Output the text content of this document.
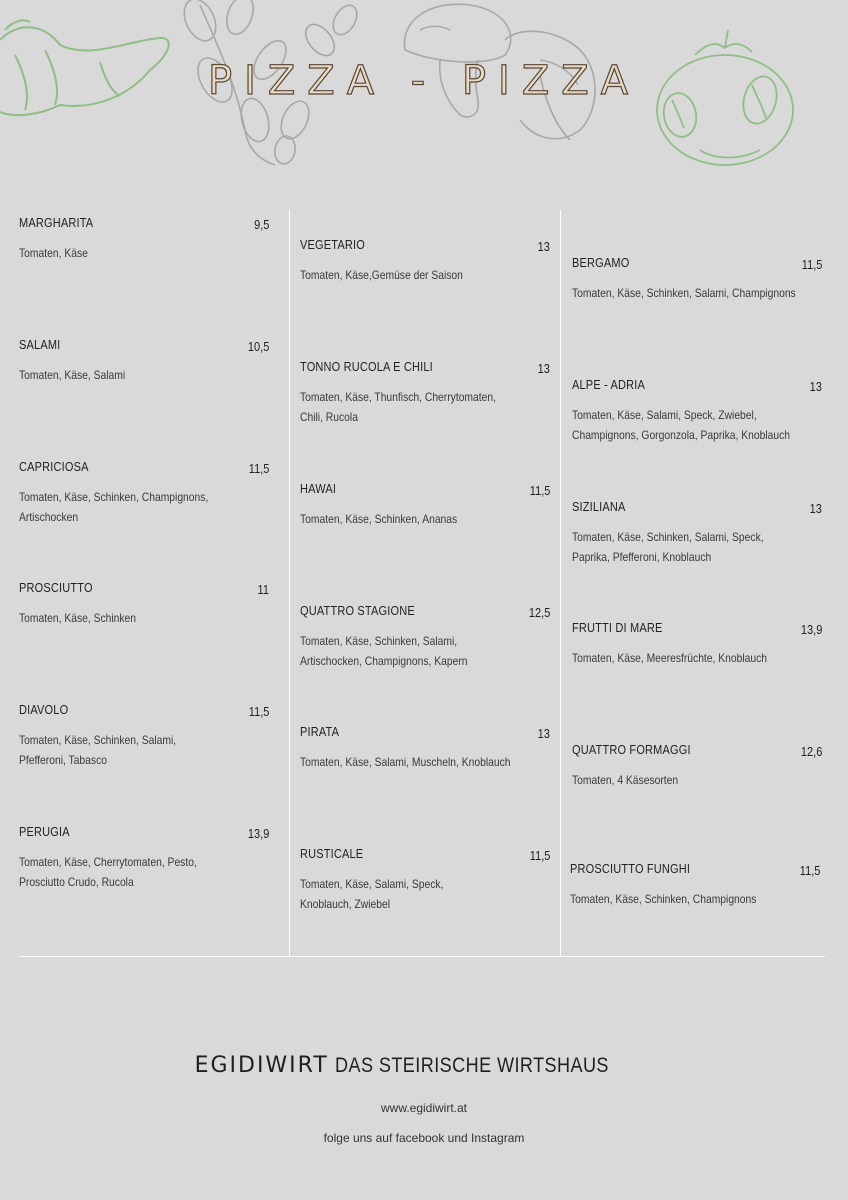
PIZZA - PIZZA
MARGHARITA	9,5
Tomaten, Käse

SALAMI	10,5
Tomaten, Käse, Salami

CAPRICIOSA	11,5
Tomaten, Käse, Schinken, Champignons,
Artischocken
PROSCIUTTO	11
Tomaten, Käse, Schinken

DIAVOLO	11,5
Tomaten, Käse, Schinken, Salami,
Pfefferoni, Tabasco
PERUGIA	13,9
Tomaten, Käse, Cherrytomaten, Pesto,
Prosciutto Crudo, Rucola
VEGETARIO	13
Tomaten, Käse,Gemüse der Saison

TONNO RUCOLA E CHILI	13
Tomaten, Käse, Thunfisch, Cherrytomaten,
Chili, Rucola
HAWAI	11,5
Tomaten, Käse, Schinken, Ananas

QUATTRO STAGIONE	12,5
Tomaten, Käse, Schinken, Salami,
Artischocken, Champignons, Kapern
PIRATA	13
Tomaten, Käse, Salami, Muscheln, Knoblauch

RUSTICALE	11,5
Tomaten, Käse, Salami, Speck,
Knoblauch, Zwiebel
BERGAMO	11,5
Tomaten, Käse, Schinken, Salami, Champignons

ALPE - ADRIA	13
Tomaten, Käse, Salami, Speck, Zwiebel,
Champignons, Gorgonzola, Paprika, Knoblauch
SIZILIANA	13
Tomaten, Käse, Schinken, Salami, Speck,
Paprika, Pfefferoni, Knoblauch
FRUTTI DI MARE	13,9
Tomaten, Käse, Meeresfrüchte, Knoblauch

QUATTRO FORMAGGI	12,6
Tomaten, 4 Käsesorten

PROSCIUTTO FUNGHI	11,5
Tomaten, Käse, Schinken, Champignons

EGIDIWIRT DAS STEIRISCHE WIRTSHAUS
www.egidiwirt.at
folge uns auf facebook und Instagram
